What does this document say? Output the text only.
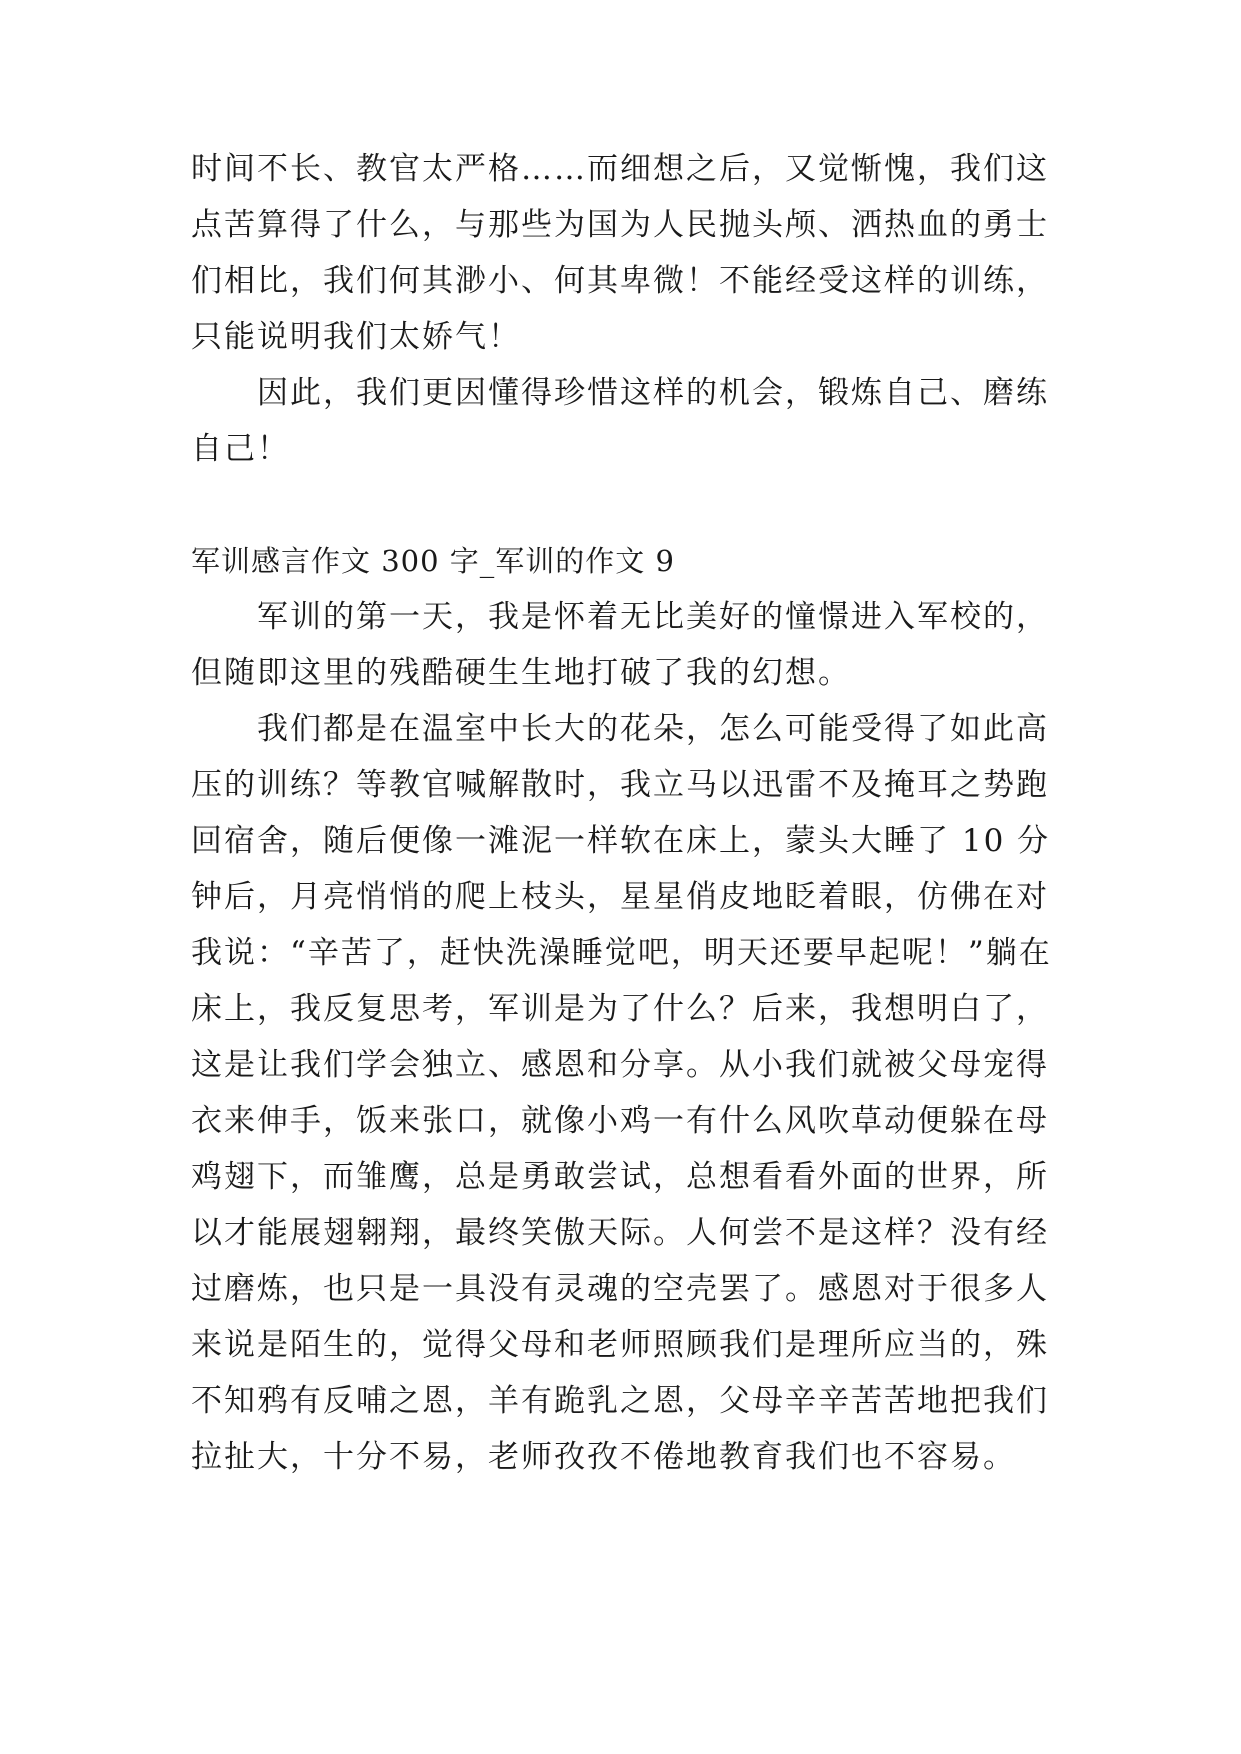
时间不长、教官太严格……而细想之后，又觉惭愧，我们这
点苦算得了什么，与那些为国为人民抛头颅、洒热血的勇士
们相比，我们何其渺小、何其卑微！不能经受这样的训练，
只能说明我们太娇气！
因此，我们更因懂得珍惜这样的机会，锻炼自己、磨练
自己！
军训感言作文 300 字_军训的作文 9
军训的第一天，我是怀着无比美好的憧憬进入军校的，
但随即这里的残酷硬生生地打破了我的幻想。
我们都是在温室中长大的花朵，怎么可能受得了如此高
压的训练？等教官喊解散时，我立马以迅雷不及掩耳之势跑
回宿舍，随后便像一滩泥一样软在床上，蒙头大睡了 10 分
钟后，月亮悄悄的爬上枝头，星星俏皮地眨着眼，仿佛在对
我说：“辛苦了，赶快洗澡睡觉吧，明天还要早起呢！”躺在
床上，我反复思考，军训是为了什么？后来，我想明白了，
这是让我们学会独立、感恩和分享。从小我们就被父母宠得
衣来伸手，饭来张口，就像小鸡一有什么风吹草动便躲在母
鸡翅下，而雏鹰，总是勇敢尝试，总想看看外面的世界，所
以才能展翅翱翔，最终笑傲天际。人何尝不是这样？没有经
过磨炼，也只是一具没有灵魂的空壳罢了。感恩对于很多人
来说是陌生的，觉得父母和老师照顾我们是理所应当的，殊
不知鸦有反哺之恩，羊有跪乳之恩，父母辛辛苦苦地把我们
拉扯大，十分不易，老师孜孜不倦地教育我们也不容易。
